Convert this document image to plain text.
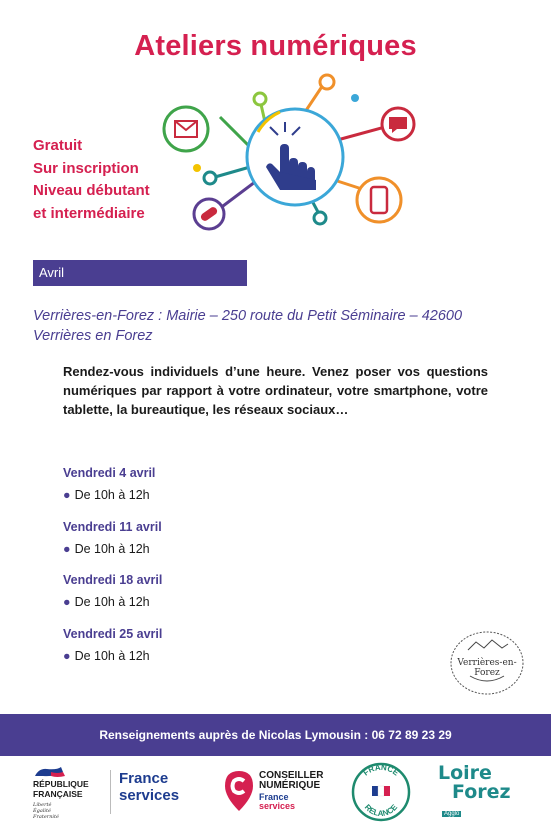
Ateliers numériques
Gratuit
Sur inscription
Niveau débutant
et intermédiaire
Avril
Verrières-en-Forez : Mairie – 250 route du Petit Séminaire – 42600 Verrières en Forez
Rendez-vous individuels d’une heure. Venez poser vos questions numériques par rapport à votre ordinateur, votre smartphone, votre tablette, la bureautique, les réseaux sociaux…
Vendredi 4 avril
● De 10h à 12h
Vendredi 11 avril
● De 10h à 12h
Vendredi 18 avril
● De 10h à 12h
Vendredi 25 avril
● De 10h à 12h
Verrières-en-Forez
Renseignements auprès de Nicolas Lymousin : 06 72 89 23 29
RÉPUBLIQUE
FRANÇAISE
Liberté
Égalité
Fraternité
France
services
CONSEILLER
NUMÉRIQUE
France
services
FRANCE
RELANCE
Loire
Forez
Agglo
